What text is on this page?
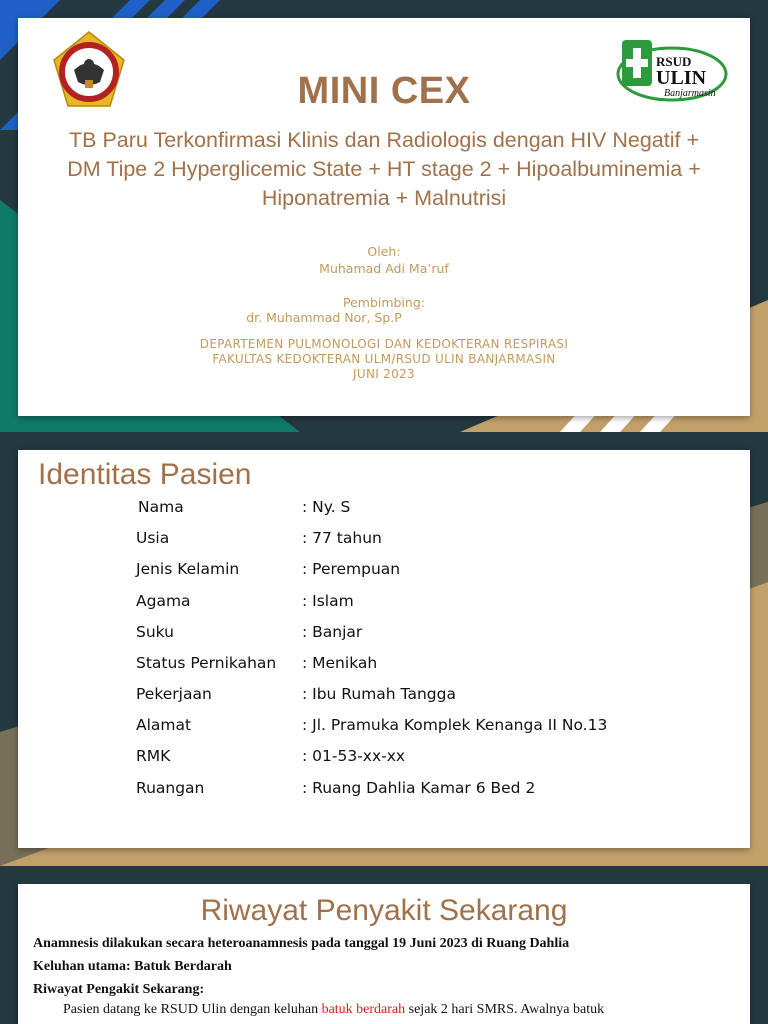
RSUD
ULIN
Banjarmasin
MINI CEX
TB Paru Terkonfirmasi Klinis dan Radiologis dengan HIV Negatif +
DM Tipe 2 Hyperglicemic State + HT stage 2 + Hipoalbuminemia +
Hiponatremia + Malnutrisi
Oleh:
Muhamad Adi Ma’ruf
Pembimbing:
dr. Muhammad Nor, Sp.P
DEPARTEMEN PULMONOLOGI DAN KEDOKTERAN RESPIRASI
FAKULTAS KEDOKTERAN ULM/RSUD ULIN BANJARMASIN
JUNI 2023
Identitas Pasien
Nama	: Ny. S
Usia	: 77 tahun
Jenis Kelamin	: Perempuan
Agama	: Islam
Suku	: Banjar
Status Pernikahan : Menikah
Pekerjaan	: Ibu Rumah Tangga
Alamat	: Jl. Pramuka Komplek Kenanga II No.13
RMK	: 01-53-xx-xx
Ruangan	: Ruang Dahlia Kamar 6 Bed 2
Riwayat Penyakit Sekarang
Anamnesis dilakukan secara heteroanamnesis pada tanggal 19 Juni 2023 di Ruang Dahlia
Keluhan utama: Batuk Berdarah
Riwayat Pengakit Sekarang:
Pasien datang ke RSUD Ulin dengan keluhan batuk berdarah sejak 2 hari SMRS. Awalnya batuk
